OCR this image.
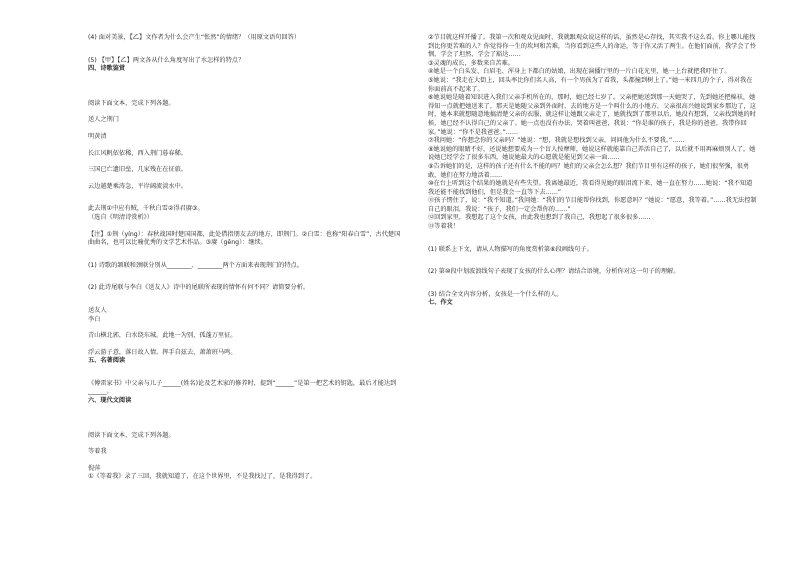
(4) 面对美景，【乙】文作者为什么会产生“怅然”的情绪？（用原文语句回答）

(5) 【甲】【乙】两文各从什么角度写出了水怎样的特点？

四、诗歌鉴赏

阅读下面文本，完成下列各题。

送人之荆门

明黄清

长江风帆依依稀，西入荆门暮春稀。

三国已亡遗旧垒，几家残在在征旅。

云边越楚乘涛急，平岸阔流淡水中。

此去荆①中应有贼，千秋白雪②得君赓③。

（选自《明清诗赏析》）

【注】①荆（yíng）：春秋战国时楚国国都，此处借指朋友去的地方，即荆门。②白雪：也称“阳春白雪”，古代楚国曲曲名，也可以比喻优秀的文学艺术作品。③赓（gēng）：继续。

(1) 诗歌的颔联和颈联分别从________、________两个方面来表现荆门的特点。

(2) 此诗尾联与李白《送友人》诗中的尾联所表现的情怀有何不同？请简要分析。

送友人

李白

青山横北郭，白水绕东城。此地一为别，孤蓬万里征。

浮云游子意，落日故人情。挥手自兹去，萧萧班马鸣。

五、名著阅读

《傅雷家书》中父亲与儿子______(姓名)论及艺术家的修养时，提到“______”是第一把艺术的钥匙，最后才能达到______。

六、现代文阅读

阅读下面文本，完成下列各题。

等着我

倪萍

①《等着我》录了三回，我就知道了，在这个世界里，不是我找过了，是我得到了。

②节目就这样开播了。我第一次和观众见面时，我就跟观众说这样的话，虽然是心存找，其实我不这么看。你上哪儿能找到比你更苦难的人？你觉得你一生的坎坷和苦难，当你看到这些人的命运，等于你又活了两生。在他们面前，我学会了怜悯，学会了坦然，学会了豁达……

③灵魂的成长，多数来自苦难。

④她是一个白头发、白眉毛、浑身上下都白的姑娘，出现在演播厅里的一片白花光里，她一上台就把我吓住了。

⑤她说：“我走在大街上，回头率比你们名人高，有一个男孩为了看我，头都撞到树上了。”她一米四几的个子，得对我在你面前高不起来了。

⑥她说她是随着知识进入我们父亲手机所在的，那时，她已经七岁了。父亲把她送到那一天她哭了，先到她还把棉袄，她得知一点就把她送来了，那天是她随父亲到外面时，去的地方是一个叫什么的小地方，父亲很高兴她说到家乡那边了，这时，她本来就想随意地搞清楚父亲的衣服，就这样让她跟父亲走了，她就找到了那里以后，她没有想到，父亲找到她的时候，她已经不认得自己的父亲了。她一点也没有办法，哭着叫爸爸，我说：“你是谁的孩子，我是你的爸爸，我带你回家。”她说：“你不是我爸爸。”……

⑦我问她：“你想念你的父亲吗？”她说：“想，我就是想找到父亲，问问他为什么不要我。”……

⑧她说她的眼睛不好，还说她想要成为一个盲人按摩师，她说这样就能靠自己养活自己了，以后就不用再麻烦别人了。她说她已经学会了很多东西，她说她最大的心愿就是能见到父亲一面……

⑨告诉她们的是，这样的孩子还有什么不能的吗？她们的父亲会怎么想？我们节目里有这样的孩子，她们很坚强，很勇敢，她们在努力地活着……

⑩在台上听到这个结果的她就是有些失望。我离她最近，我看得见她的眼泪流下来，她一直在努力……她说：“我不知道我还能不能找到他们，但是我会一直等下去……”

⑪孩子愣住了，说：“我不知道。”我问她：“我们的节目能帮你找到，你愿意吗？”她说：“愿意，我等着。”……我无法控制自己的眼泪，我说：“孩子，我们一定会帮你的……”

⑫回到家里，我想起了这个女孩，由此我也想到了我自己，我想起了很多很多……

⑬等着我！

(1) 联系上下文，请从人物描写的角度赏析第⑥段画线句子。

(2) 第⑩段中划波浪线句子表现了女孩的什么心理？请结合语境，分析你对这一句子的理解。

(3) 结合全文内容分析，女孩是一个什么样的人。

七、作文
